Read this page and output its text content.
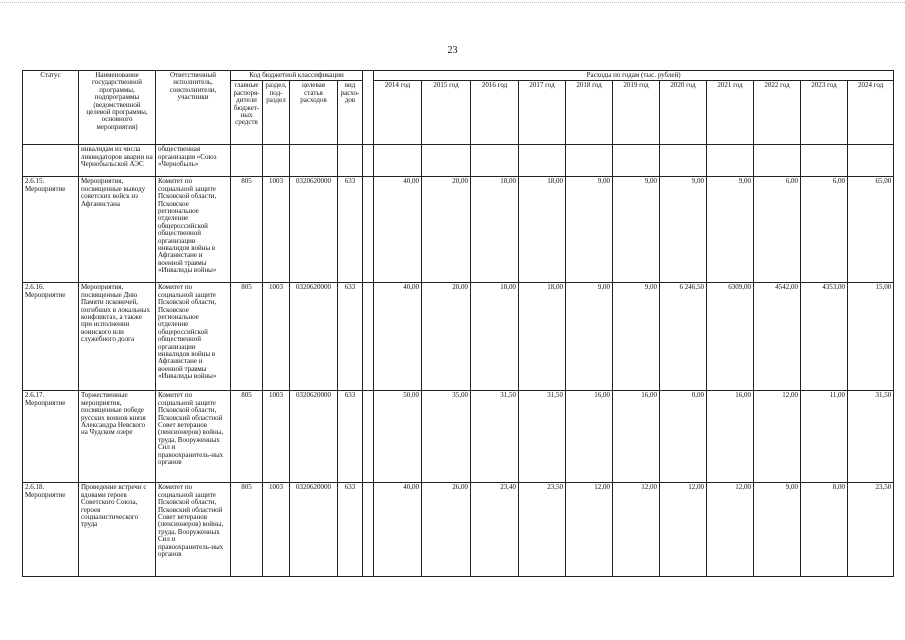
23
Статус	Наименование государственной программы, подпрограммы (ведомственной целевой программы, основного мероприятия)	Ответственный исполнитель, соисполнители, участники	Код бюджетной классификации					Расходы по годам (тыс. рублей)										
			главные распоря-дители бюджет-ных средств	раздел, под-раздел	целевая статья расходов	вид расхо-дов		2014 год	2015 год	2016 год	2017 год	2018 год	2019 год	2020 год	2021 год	2022 год	2023 год	2024 год
	инвалидам из числа ликвидаторов аварии на Чернобыльской АЭС	общественная организация «Союз «Чернобыль»																
2.6.15. Мероприятие	Мероприятия, посвященные выводу советских войск из Афганистана	Комитет по социальной защите Псковской области, Псковское региональное отделение общероссийской общественной организации инвалидов войны в Афганистане и военной травмы «Инвалиды войны»	805	1003	0320620000	633		40,00	20,00	18,00	18,00	9,00	9,00	9,00	9,00	6,00	6,00	65,00
2.6.16. Мероприятие	Мероприятия, посвященные Дню Памяти псковичей, погибших в локальных конфликтах, а также при исполнении воинского или служебного долга	Комитет по социальной защите Псковской области, Псковское региональное отделение общероссийской общественной организации инвалидов войны в Афганистане и военной травмы «Инвалиды войны»	805	1003	0320620000	633		40,00	20,00	18,00	18,00	9,00	9,00	6 246,50	6309,00	4542,00	4353,00	15,00
2.6.17. Мероприятие	Торжественные мероприятия, посвященные победе русских воинов князя Александра Невского на Чудском озере	Комитет по социальной защите Псковской области, Псковский областной Совет ветеранов (пенсионеров) войны, труда, Вооруженных Сил и правоохранитель-ных органов	805	1003	0320620000	633		50,00	35,00	31,50	31,50	16,00	16,00	0,00	16,00	12,00	11,00	31,50
2.6.18. Мероприятие	Проведение встречи с вдовами героев Советского Союза, героев социалистического труда	Комитет по социальной защите Псковской области, Псковский областной Совет ветеранов (пенсионеров) войны, труда, Вооруженных Сил и правоохранитель-ных органов	805	1003	0320620000	633		40,00	26,00	23,40	23,50	12,00	12,00	12,00	12,00	9,00	8,00	23,50
